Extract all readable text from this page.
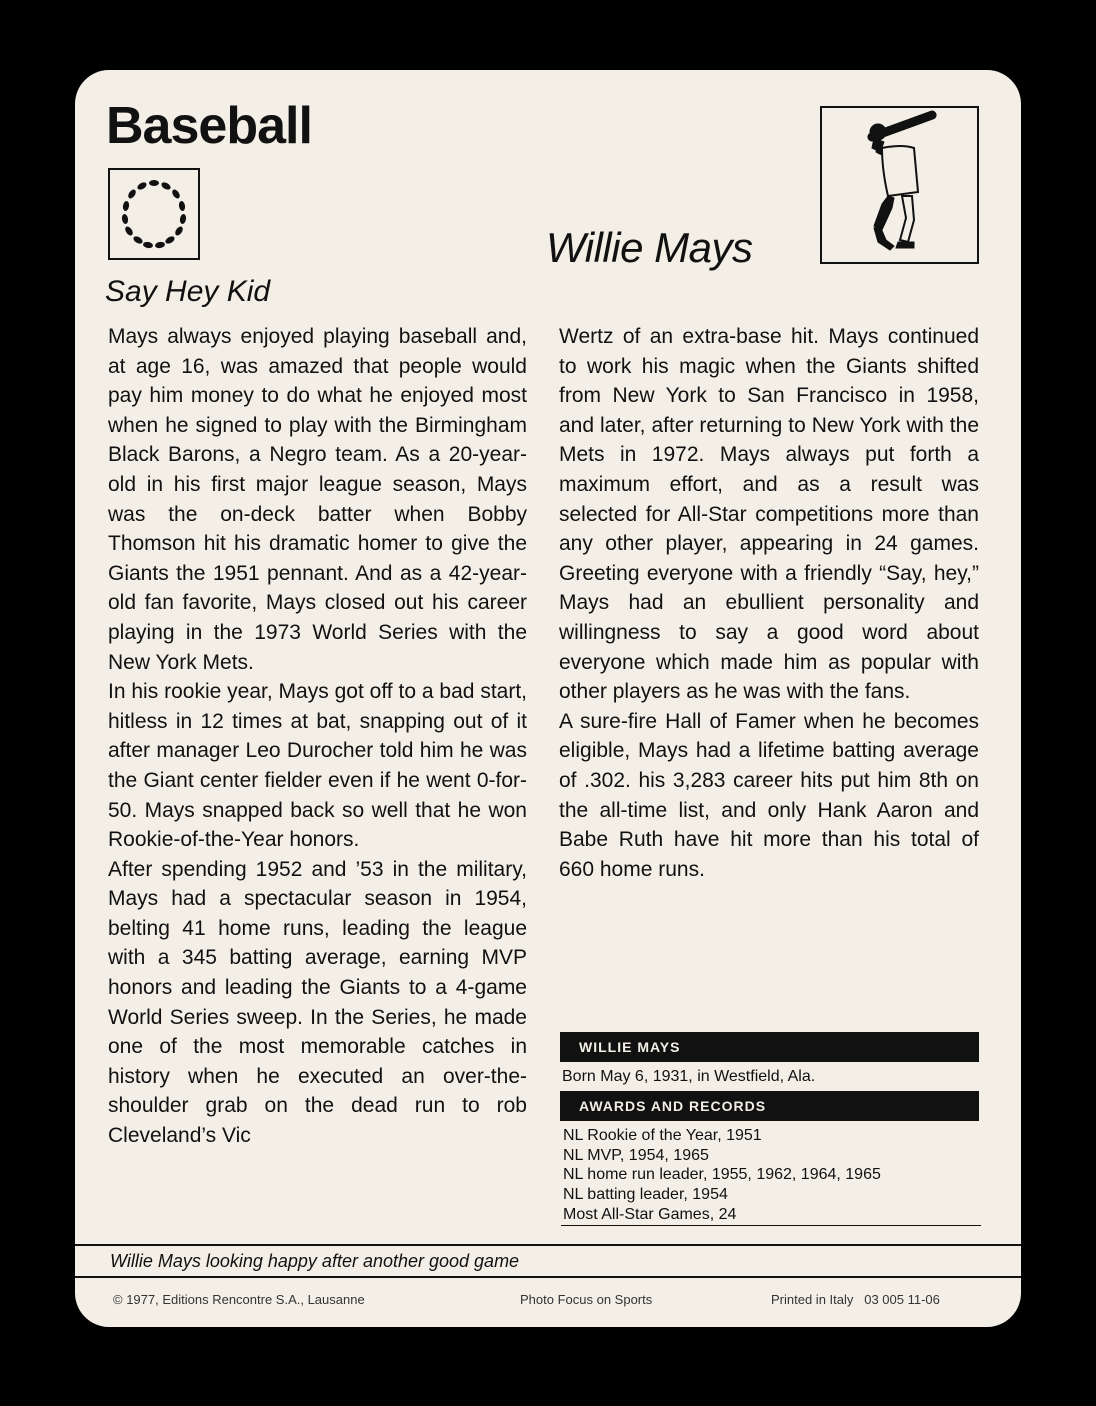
Baseball
Say Hey Kid
Willie Mays

Mays always enjoyed playing baseball and, at age 16, was amazed that people would pay him money to do what he enjoyed most when he signed to play with the Birmingham Black Barons, a Negro team. As a 20-year-old in his first major league season, Mays was the on-deck batter when Bobby Thomson hit his dramatic homer to give the Giants the 1951 pennant. And as a 42-year-old fan favorite, Mays closed out his career playing in the 1973 World Series with the New York Mets.

In his rookie year, Mays got off to a bad start, hitless in 12 times at bat, snapping out of it after manager Leo Durocher told him he was the Giant center fielder even if he went 0-for-50. Mays snapped back so well that he won Rookie-of-the-Year honors.

After spending 1952 and ’53 in the military, Mays had a spectacular season in 1954, belting 41 home runs, leading the league with a 345 batting average, earning MVP honors and leading the Giants to a 4-game World Series sweep. In the Series, he made one of the most memorable catches in history when he executed an over-the-shoulder grab on the dead run to rob Cleveland’s Vic

Wertz of an extra-base hit. Mays continued to work his magic when the Giants shifted from New York to San Francisco in 1958, and later, after returning to New York with the Mets in 1972. Mays always put forth a maximum effort, and as a result was selected for All-Star competitions more than any other player, appearing in 24 games. Greeting everyone with a friendly “Say, hey,” Mays had an ebullient personality and willingness to say a good word about everyone which made him as popular with other players as he was with the fans.

A sure-fire Hall of Famer when he becomes eligible, Mays had a lifetime batting average of .302. his 3,283 career hits put him 8th on the all-time list, and only Hank Aaron and Babe Ruth have hit more than his total of 660 home runs.

WILLIE MAYS
Born May 6, 1931, in Westfield, Ala.
AWARDS AND RECORDS
NL Rookie of the Year, 1951
NL MVP, 1954, 1965
NL home run leader, 1955, 1962, 1964, 1965
NL batting leader, 1954
Most All-Star Games, 24
Willie Mays looking happy after another good game
© 1977, Editions Rencontre S.A., Lausanne	Photo Focus on Sports	Printed in Italy   03 005 11-06
